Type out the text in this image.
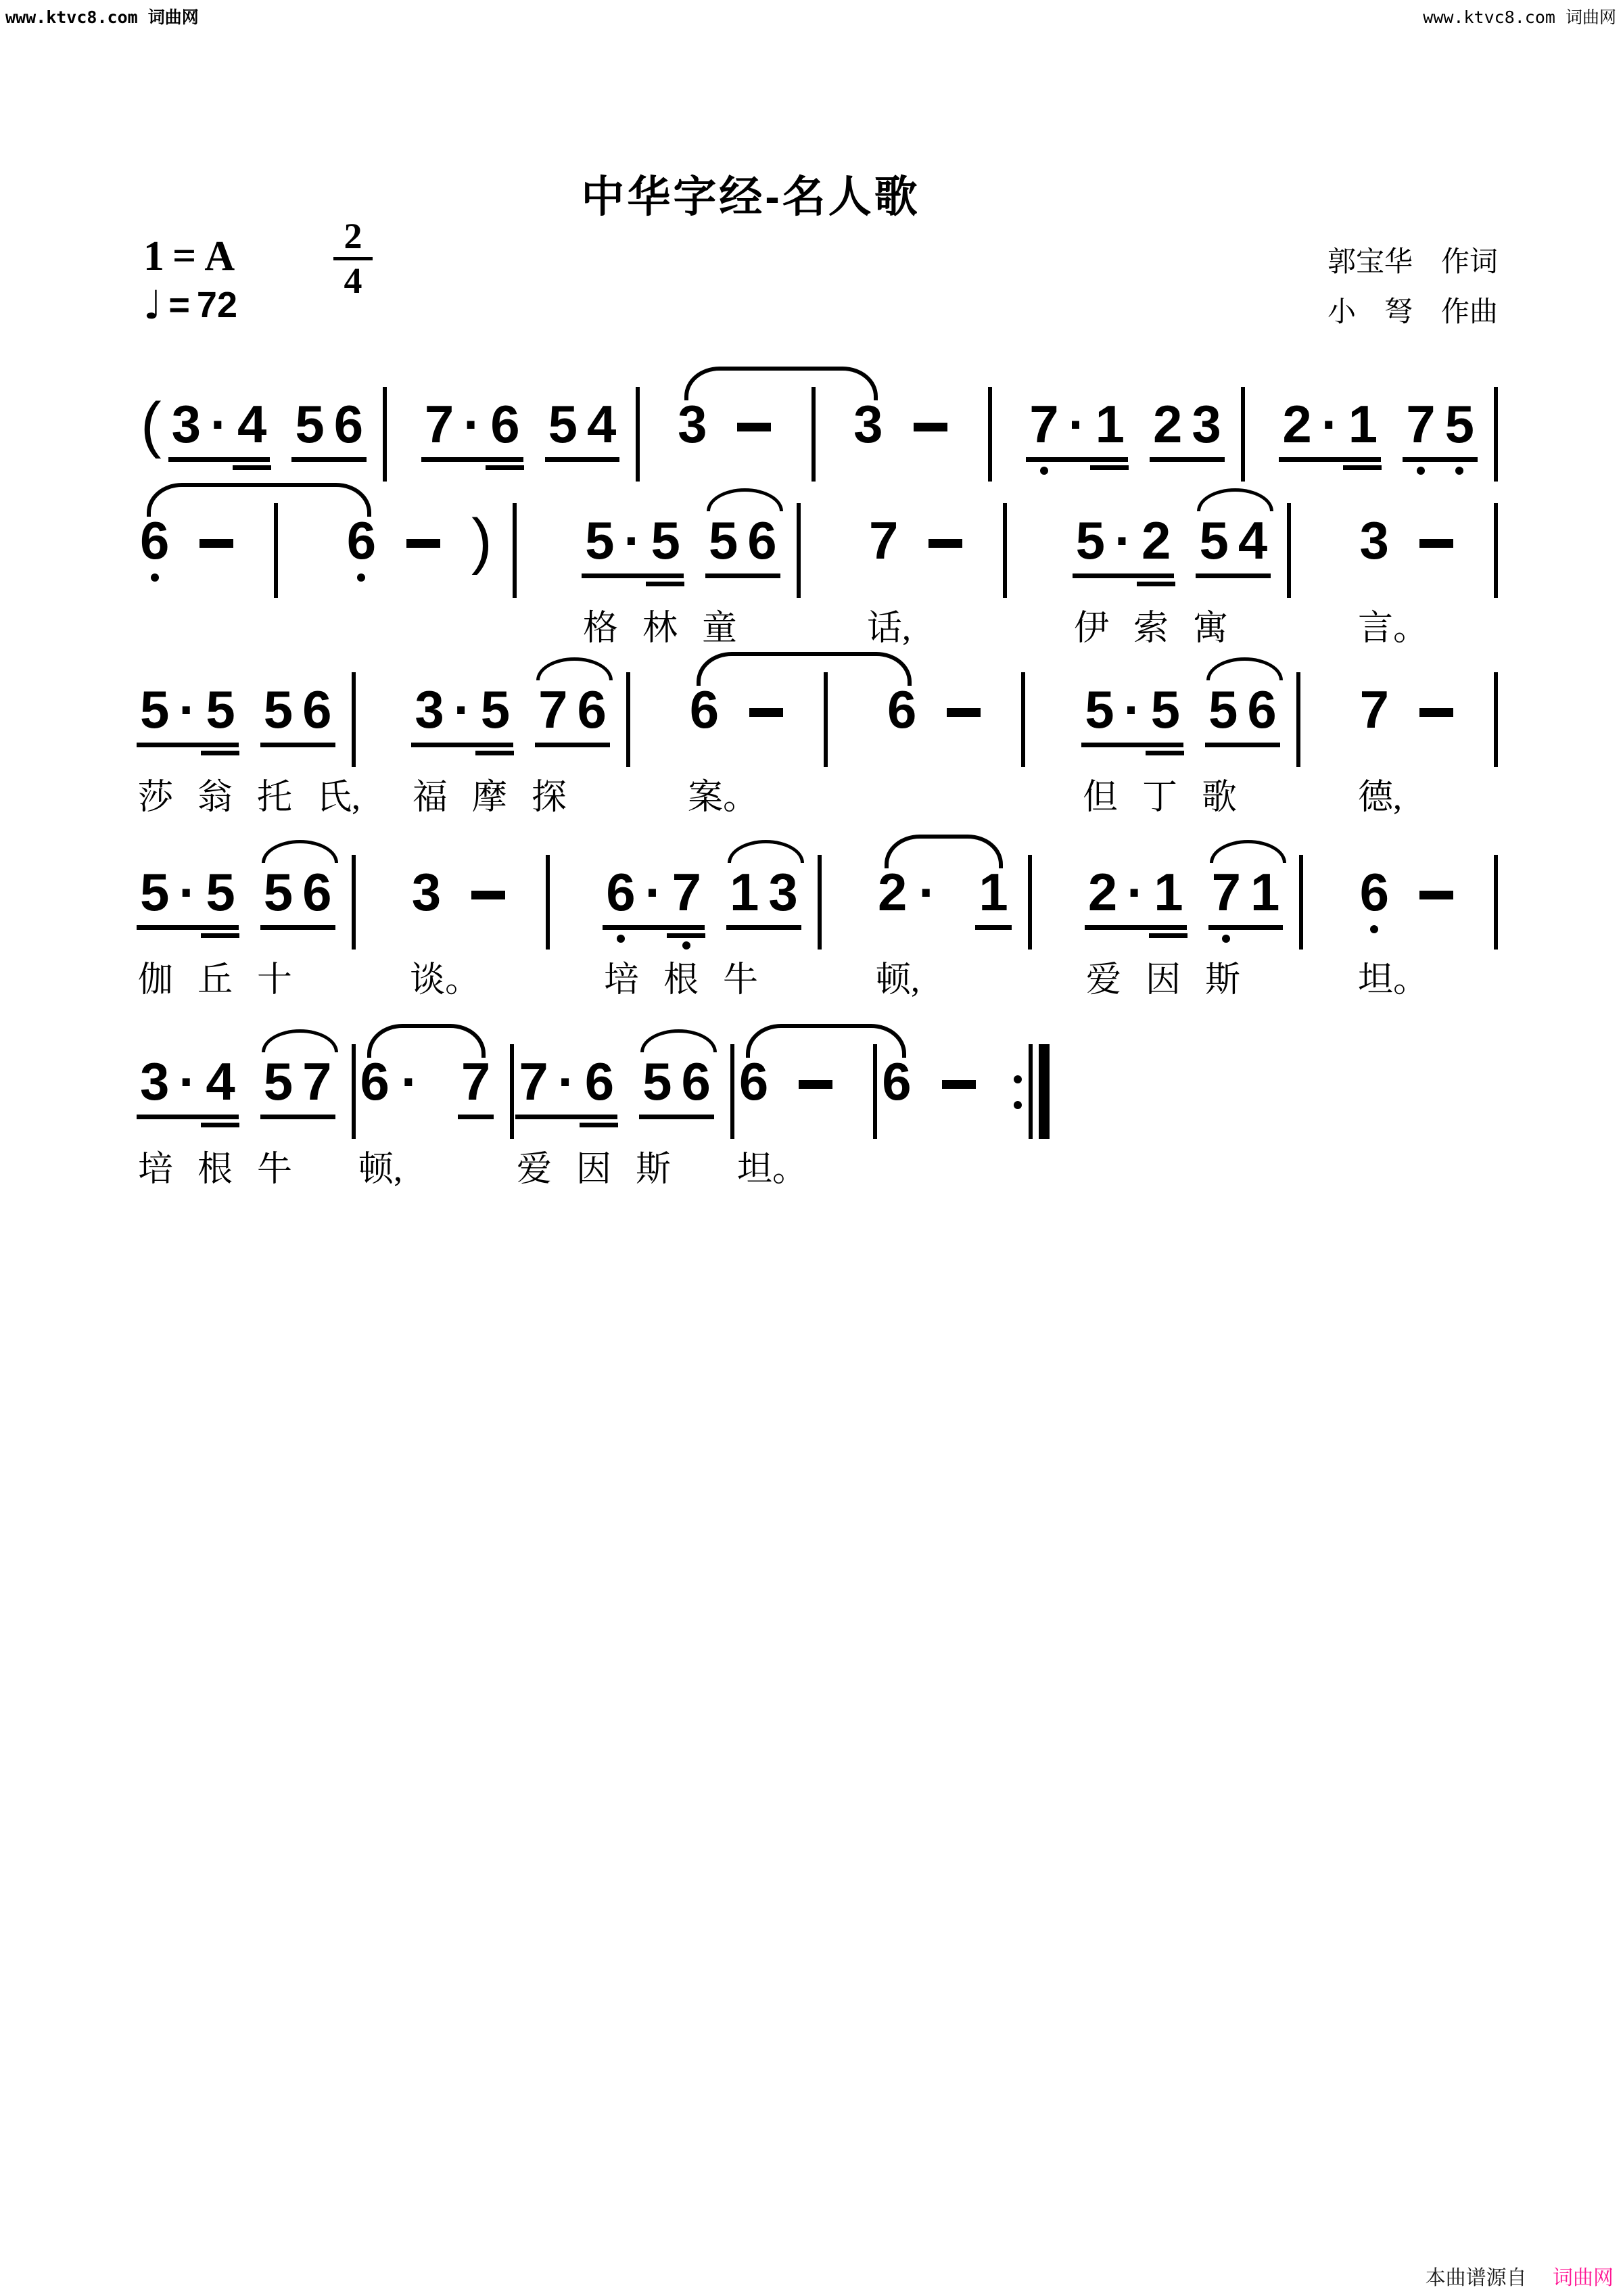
www.ktvc8.com 词曲网	www.ktvc8.com 词曲网
中华字经-名人歌
1 = A	2
4
♩ = 72
郭宝华　作词
小　弩　作曲
( 3 · 4 5 6 7 · 6 5 4 3	3	7 · 1 2 3 2 · 1 7 5
6	6 ) 5 · 5 5 6 7	5 · 2 5 4 3
格 林 童	话,	伊 索 寓	言。
5 · 5 5 6 3 · 5 7 6 6	6	5 · 5 5 6 7
莎 翁 托 氏,	福 摩 探	案。	但 丁 歌	德,
5 · 5 5 6 3	6 · 7 1 3 2 · 1 2 · 1 7 1 6
伽 丘 十	谈。	培 根 牛	顿,	爱 因 斯	坦。
3 · 4 5 7 6 · 7 7 · 6 5 6 6 6
培 根 牛	顿,	爱 因 斯	坦。
本曲谱源自 词曲网
